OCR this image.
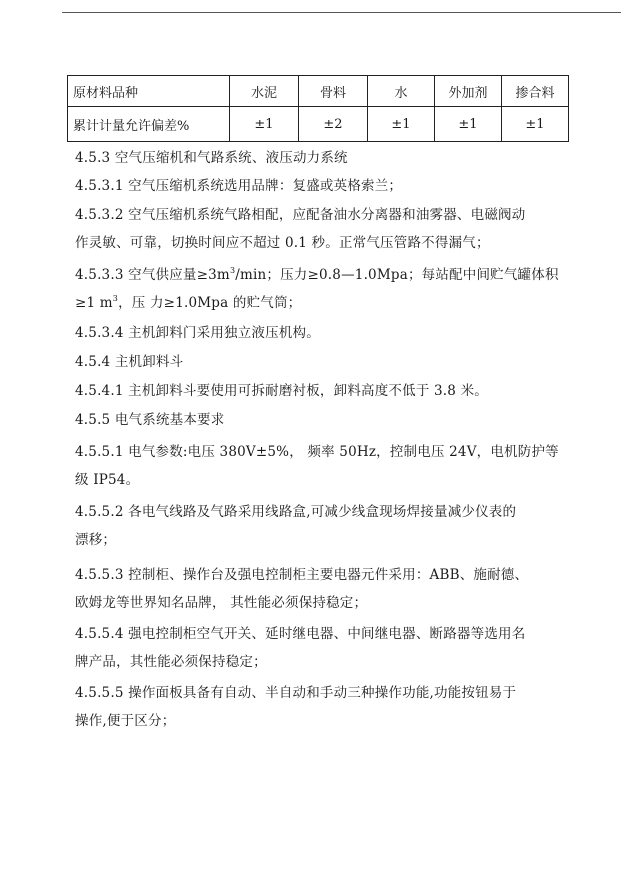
原材料品种	水泥	骨料	水	外加剂	掺合料
累计计量允许偏差%	±1	±2	±1	±1	±1
4.5.3 空气压缩机和气路系统、液压动力系统
4.5.3.1 空气压缩机系统选用品牌：复盛或英格索兰；
4.5.3.2 空气压缩机系统气路相配，应配备油水分离器和油雾器、电磁阀动
作灵敏、可靠，切换时间应不超过 0.1 秒。正常气压管路不得漏气；
4.5.3.3 空气供应量$\ge 3m^3/\min$；压力≥0.8—1.0Mpa；每站配中间贮气罐体积
≥1 $m^3$，压 力≥1.0Mpa 的贮气筒；
4.5.3.4 主机卸料门采用独立液压机构。
4.5.4 主机卸料斗
4.5.4.1 主机卸料斗要使用可拆耐磨衬板，卸料高度不低于 3.8 米。
4.5.5 电气系统基本要求
4.5.5.1 电气参数:电压 380V±5%， 频率 50Hz，控制电压 24V，电机防护等
级 IP54。
4.5.5.2 各电气线路及气路采用线路盒,可减少线盒现场焊接量减少仪表的
漂移；
4.5.5.3 控制柜、操作台及强电控制柜主要电器元件采用：ABB、施耐德、
欧姆龙等世界知名品牌， 其性能必须保持稳定；
4.5.5.4 强电控制柜空气开关、延时继电器、中间继电器、断路器等选用名
牌产品，其性能必须保持稳定；
4.5.5.5 操作面板具备有自动、半自动和手动三种操作功能,功能按钮易于
操作,便于区分；
